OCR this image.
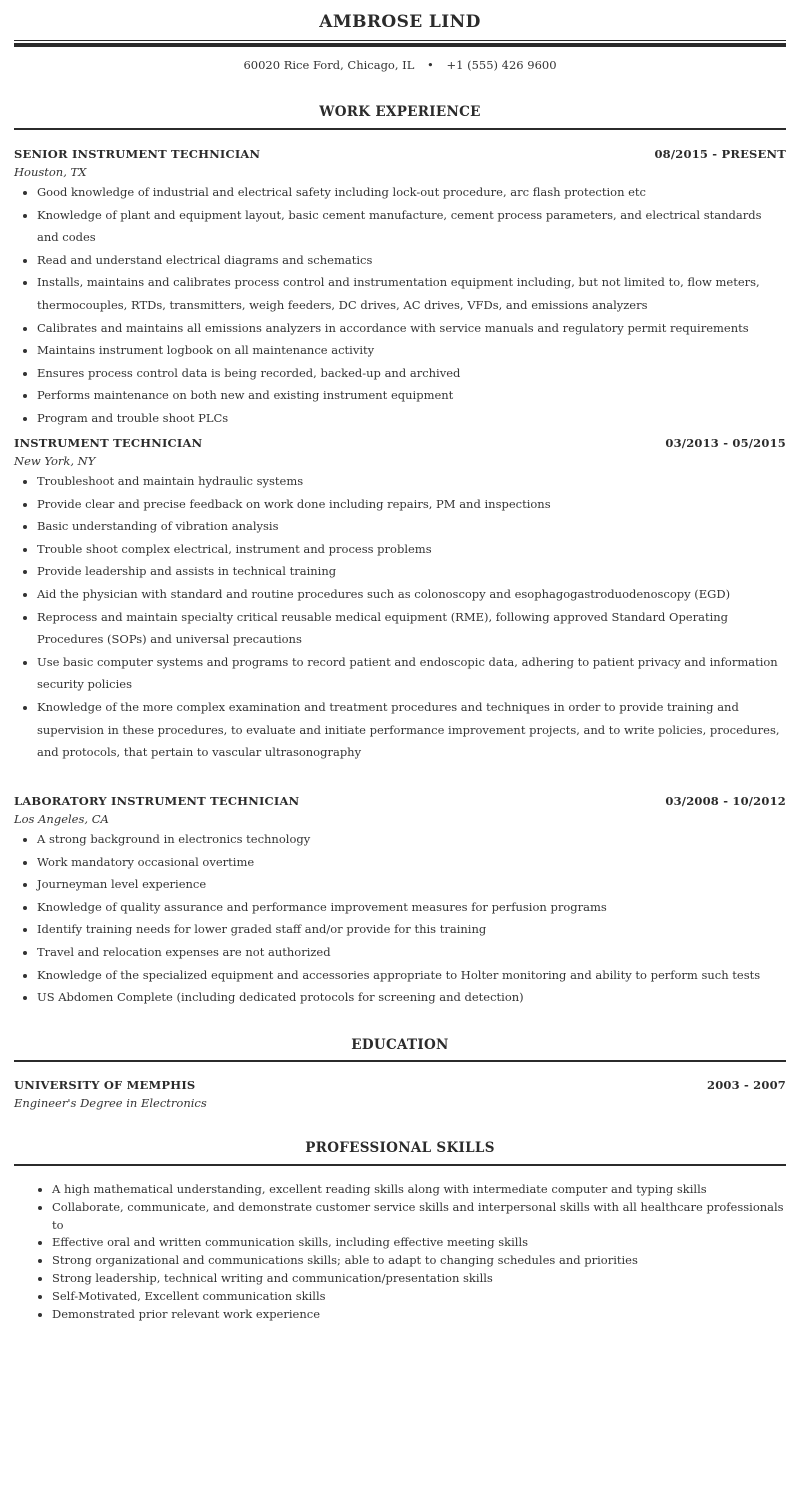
AMBROSE LIND
60020 Rice Ford, Chicago, IL • +1 (555) 426 9600
WORK EXPERIENCE
SENIOR INSTRUMENT TECHNICIAN	08/2015 - PRESENT
Houston, TX
• Good knowledge of industrial and electrical safety including lock-out procedure, arc flash protection etc
• Knowledge of plant and equipment layout, basic cement manufacture, cement process parameters, and electrical standards and codes
• Read and understand electrical diagrams and schematics
• Installs, maintains and calibrates process control and instrumentation equipment including, but not limited to, flow meters, thermocouples, RTDs, transmitters, weigh feeders, DC drives, AC drives, VFDs, and emissions analyzers
• Calibrates and maintains all emissions analyzers in accordance with service manuals and regulatory permit requirements
• Maintains instrument logbook on all maintenance activity
• Ensures process control data is being recorded, backed-up and archived
• Performs maintenance on both new and existing instrument equipment
• Program and trouble shoot PLCs
INSTRUMENT TECHNICIAN	03/2013 - 05/2015
New York, NY
• Troubleshoot and maintain hydraulic systems
• Provide clear and precise feedback on work done including repairs, PM and inspections
• Basic understanding of vibration analysis
• Trouble shoot complex electrical, instrument and process problems
• Provide leadership and assists in technical training
• Aid the physician with standard and routine procedures such as colonoscopy and esophagogastroduodenoscopy (EGD)
• Reprocess and maintain specialty critical reusable medical equipment (RME), following approved Standard Operating Procedures (SOPs) and universal precautions
• Use basic computer systems and programs to record patient and endoscopic data, adhering to patient privacy and information security policies
• Knowledge of the more complex examination and treatment procedures and techniques in order to provide training and supervision in these procedures, to evaluate and initiate performance improvement projects, and to write policies, procedures, and protocols, that pertain to vascular ultrasonography
LABORATORY INSTRUMENT TECHNICIAN	03/2008 - 10/2012
Los Angeles, CA
• A strong background in electronics technology
• Work mandatory occasional overtime
• Journeyman level experience
• Knowledge of quality assurance and performance improvement measures for perfusion programs
• Identify training needs for lower graded staff and/or provide for this training
• Travel and relocation expenses are not authorized
• Knowledge of the specialized equipment and accessories appropriate to Holter monitoring and ability to perform such tests
• US Abdomen Complete (including dedicated protocols for screening and detection)
EDUCATION
UNIVERSITY OF MEMPHIS	2003 - 2007
Engineer's Degree in Electronics
PROFESSIONAL SKILLS
• A high mathematical understanding, excellent reading skills along with intermediate computer and typing skills
• Collaborate, communicate, and demonstrate customer service skills and interpersonal skills with all healthcare professionals to
• Effective oral and written communication skills, including effective meeting skills
• Strong organizational and communications skills; able to adapt to changing schedules and priorities
• Strong leadership, technical writing and communication/presentation skills
• Self-Motivated, Excellent communication skills
• Demonstrated prior relevant work experience
